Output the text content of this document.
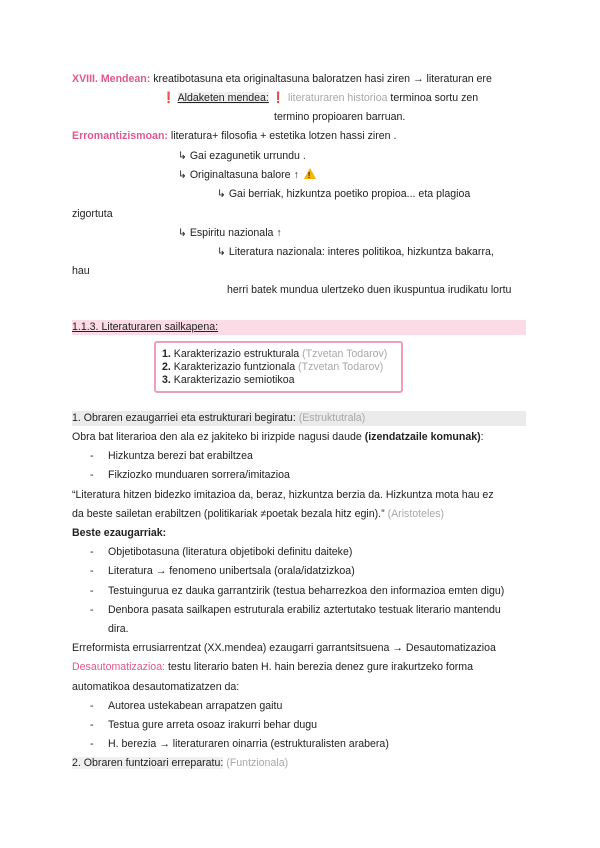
XVIII. Mendean: kreatibotasuna eta originaltasuna baloratzen hasi ziren → literaturan ere
❗ Aldaketen mendea: ❗ literaturaren historioa terminoa sortu zen
termino propioaren barruan.
Erromantizismoan: literatura+ filosofia + estetika lotzen hassi ziren .
↳ Gai ezagunetik urrundu .
↳ Originaltasuna balore ↑ !
↳ Gai berriak, hizkuntza poetiko propioa... eta plagioa
zigortuta
↳ Espiritu nazionala ↑
↳ Literatura nazionala: interes politikoa, hizkuntza bakarra,
hau
herri batek mundua ulertzeko duen ikuspuntua irudikatu lortu
1.1.3. Literaturaren sailkapena:
1. Karakterizazio estrukturala (Tzvetan Todarov)
2. Karakterizazio funtzionala (Tzvetan Todarov)
3. Karakterizazio semiotikoa
1. Obraren ezaugarriei eta estrukturari begiratu: (Estruktutrala)
Obra bat literarioa den ala ez jakiteko bi irizpide nagusi daude (izendatzaile komunak):
- Hizkuntza berezi bat erabiltzea
- Fikziozko munduaren sorrera/imitazioa
“Literatura hitzen bidezko imitazioa da, beraz, hizkuntza berzia da. Hizkuntza mota hau ez
da beste sailetan erabiltzen (politikariak ≠poetak bezala hitz egin).” (Aristoteles)
Beste ezaugarriak:
- Objetibotasuna (literatura objetiboki definitu daiteke)
- Literatura → fenomeno unibertsala (orala/idatzizkoa)
- Testuingurua ez dauka garrantzirik (testua beharrezkoa den informazioa emten digu)
- Denbora pasata sailkapen estruturala erabiliz aztertutako testuak literario mantendu
dira.
Erreformista errusiarrentzat (XX.mendea) ezaugarri garrantsitsuena → Desautomatizazioa
Desautomatizazioa: testu literario baten H. hain berezia denez gure irakurtzeko forma
automatikoa desautomatizatzen da:
- Autorea ustekabean arrapatzen gaitu
- Testua gure arreta osoaz irakurri behar dugu
- H. berezia → literaturaren oinarria (estrukturalisten arabera)
2. Obraren funtzioari erreparatu: (Funtzionala)
